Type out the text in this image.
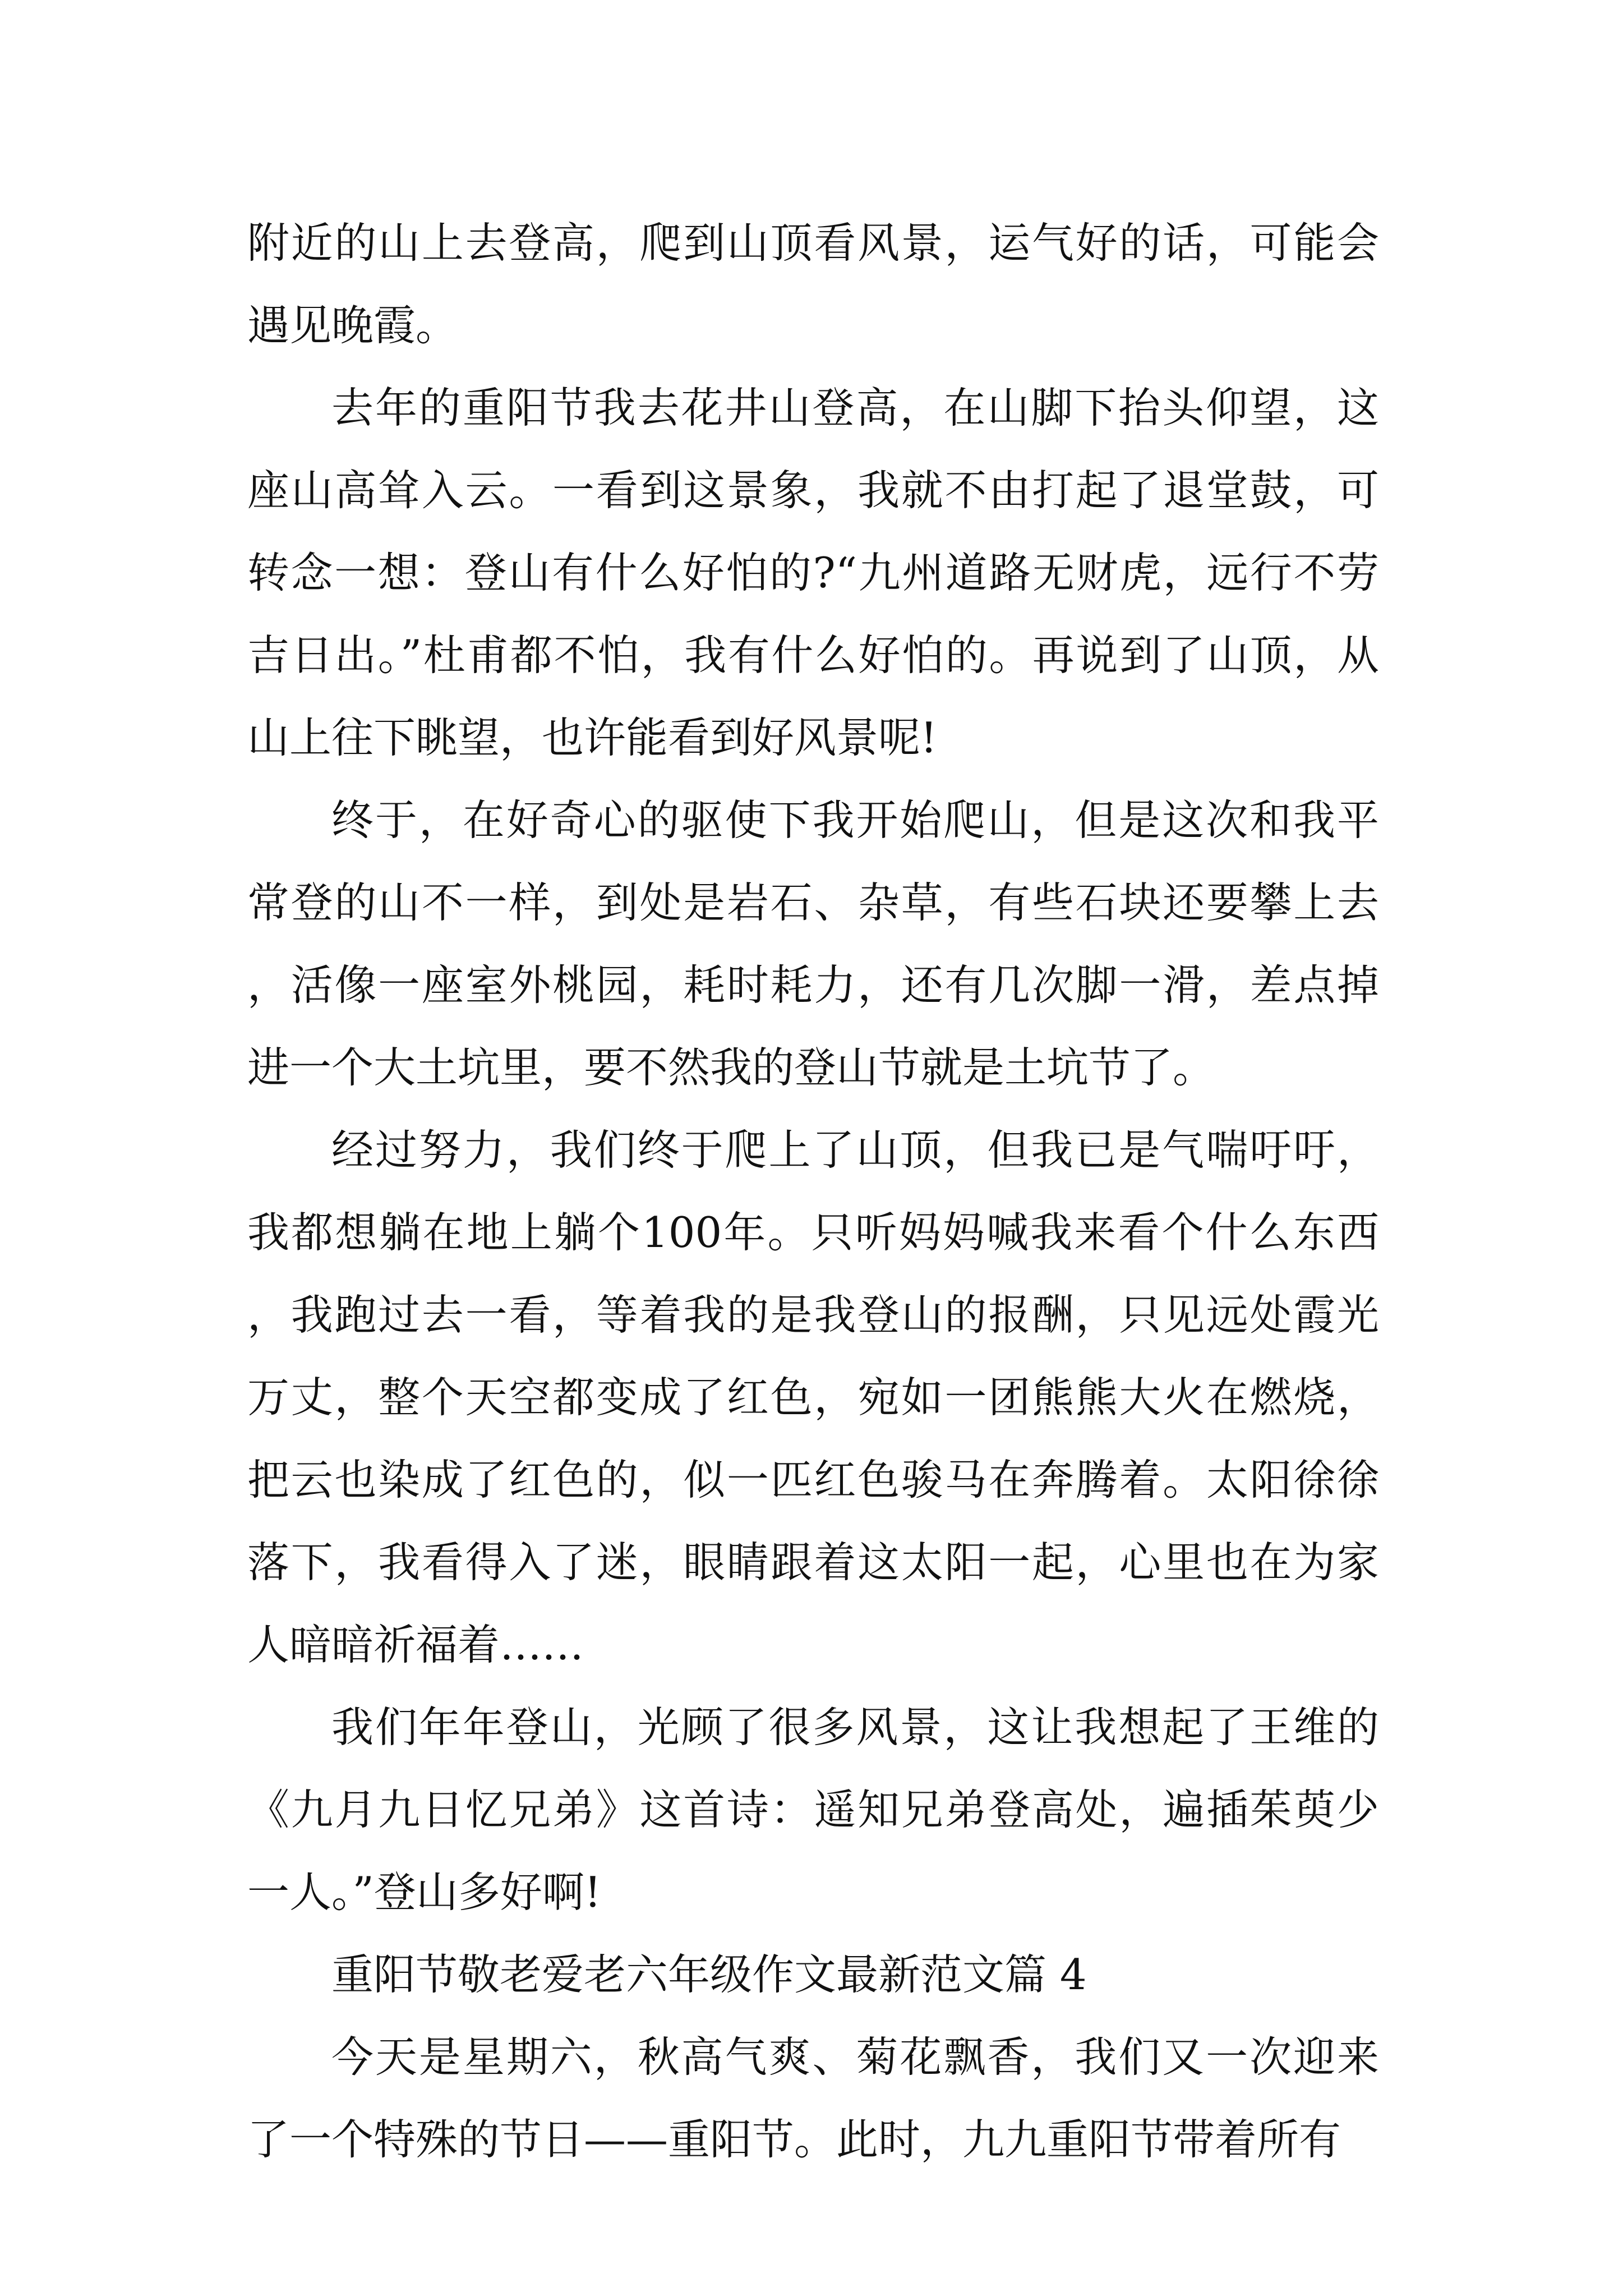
附近的山上去登高，爬到山顶看风景，运气好的话，可能会遇见晚霞。

去年的重阳节我去花井山登高，在山脚下抬头仰望，这座山高耸入云。一看到这景象，我就不由打起了退堂鼓，可转念一想：登山有什么好怕的?“九州道路无财虎，远行不劳吉日出。”杜甫都不怕，我有什么好怕的。再说到了山顶，从山上往下眺望，也许能看到好风景呢!

终于，在好奇心的驱使下我开始爬山，但是这次和我平常登的山不一样，到处是岩石、杂草，有些石块还要攀上去，活像一座室外桃园，耗时耗力，还有几次脚一滑，差点掉进一个大土坑里，要不然我的登山节就是土坑节了。

经过努力，我们终于爬上了山顶，但我已是气喘吁吁，我都想躺在地上躺个100年。只听妈妈喊我来看个什么东西，我跑过去一看，等着我的是我登山的报酬，只见远处霞光万丈，整个天空都变成了红色，宛如一团熊熊大火在燃烧，把云也染成了红色的，似一匹红色骏马在奔腾着。太阳徐徐落下，我看得入了迷，眼睛跟着这太阳一起，心里也在为家人暗暗祈福着……

我们年年登山，光顾了很多风景，这让我想起了王维的《九月九日忆兄弟》这首诗：遥知兄弟登高处，遍插茱萸少一人。”登山多好啊!

重阳节敬老爱老六年级作文最新范文篇 4

今天是星期六，秋高气爽、菊花飘香，我们又一次迎来了一个特殊的节日——重阳节。此时，九九重阳节带着所有
